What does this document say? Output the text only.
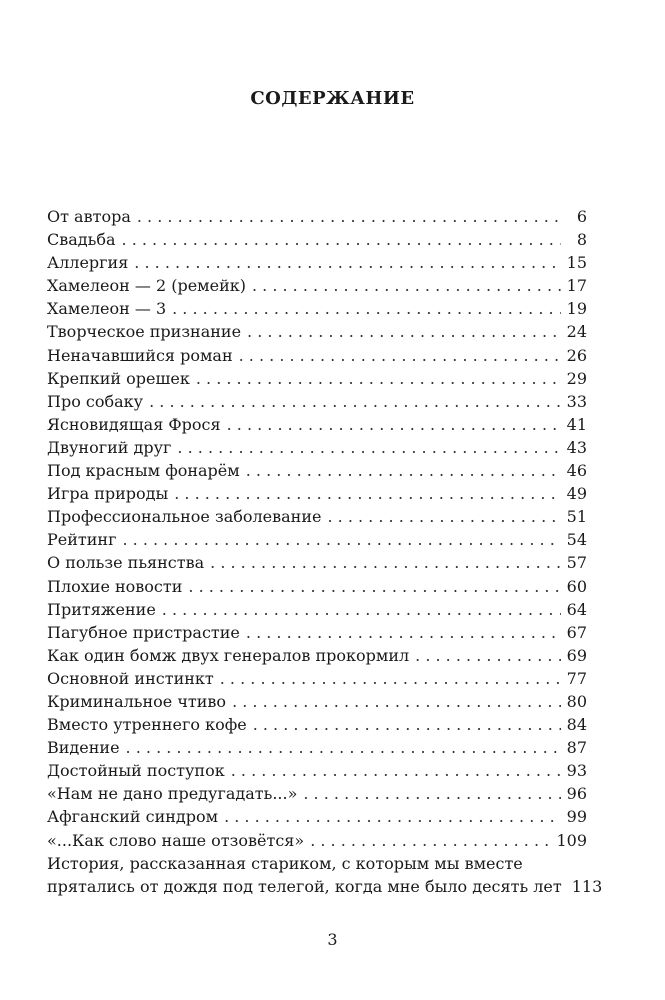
СОДЕРЖАНИЕ
От автора . . .	6
Свадьба . . .	8
Аллергия . . .	15
Хамелеон — 2 (ремейк) . . .	17
Хамелеон — 3 . . .	19
Творческое признание . . .	24
Неначавшийся роман . . .	26
Крепкий орешек . . .	29
Про собаку . . .	33
Ясновидящая Фрося . . .	41
Двуногий друг . . .	43
Под красным фонарём . . .	46
Игра природы . . .	49
Профессиональное заболевание . . .	51
Рейтинг . . .	54
О пользе пьянства . . .	57
Плохие новости . . .	60
Притяжение . . .	64
Пагубное пристрастие . . .	67
Как один бомж двух генералов прокормил . . .	69
Основной инстинкт . . .	77
Криминальное чтиво . . .	80
Вместо утреннего кофе . . .	84
Видение . . .	87
Достойный поступок . . .	93
«Нам не дано предугадать...» . . .	96
Афганский синдром . . .	99
«...Как слово наше отзовётся» . . .	109
История, рассказанная стариком, с которым мы вместе
прятались от дождя под телегой, когда мне было десять лет 113
3
